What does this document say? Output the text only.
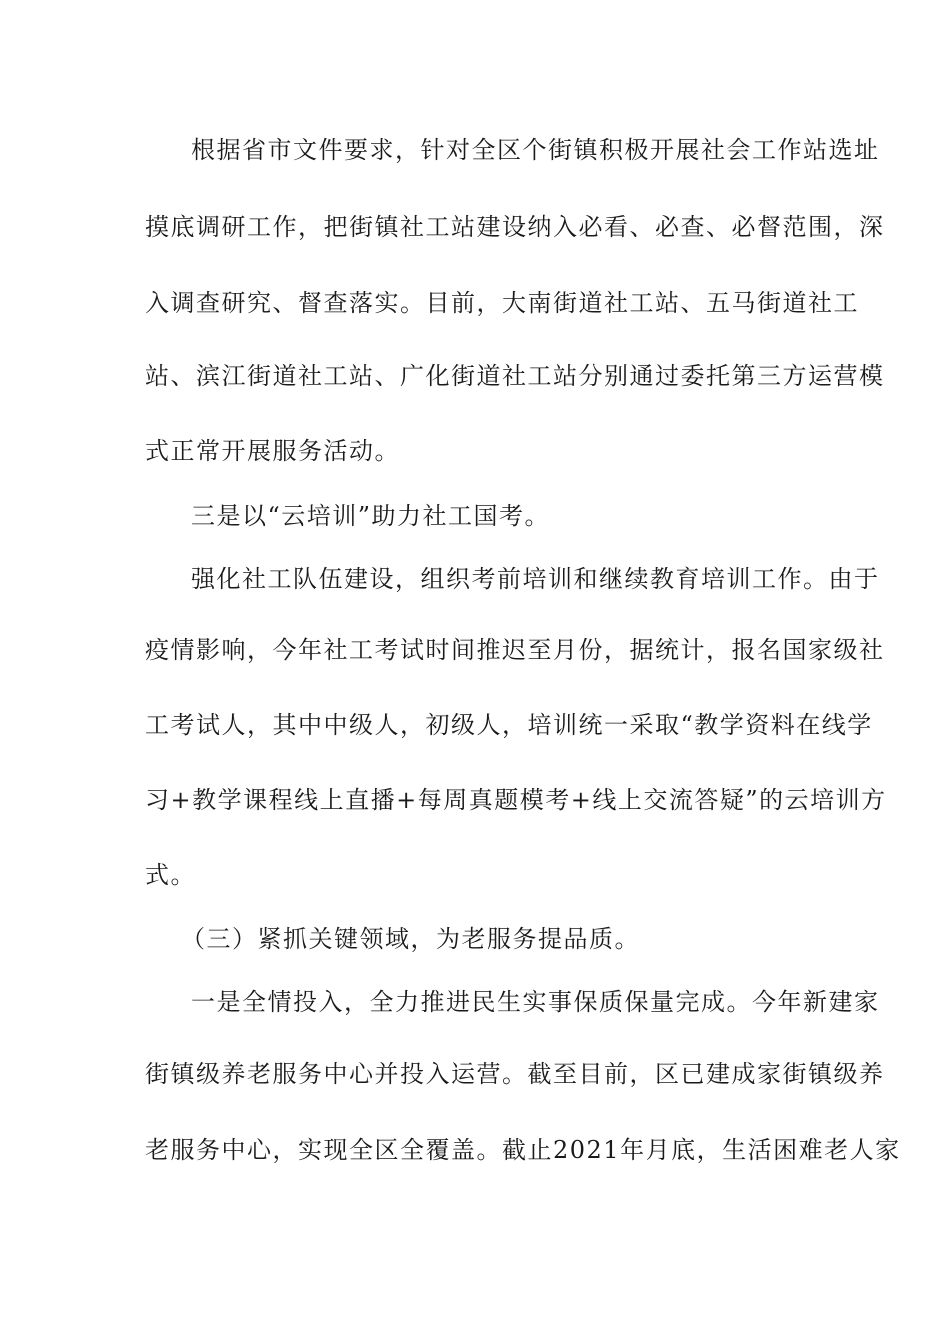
根据省市文件要求，针对全区个街镇积极开展社会工作站选址

摸底调研工作，把街镇社工站建设纳入必看、必查、必督范围，深

入调查研究、督查落实。目前，大南街道社工站、五马街道社工

站、滨江街道社工站、广化街道社工站分别通过委托第三方运营模

式正常开展服务活动。

三是以“云培训”助力社工国考。

强化社工队伍建设，组织考前培训和继续教育培训工作。由于

疫情影响，今年社工考试时间推迟至月份，据统计，报名国家级社

工考试人，其中中级人，初级人，培训统一采取“教学资料在线学

习+教学课程线上直播+每周真题模考+线上交流答疑”的云培训方

式。

（三）紧抓关键领域，为老服务提品质。

一是全情投入，全力推进民生实事保质保量完成。今年新建家

街镇级养老服务中心并投入运营。截至目前，区已建成家街镇级养

老服务中心，实现全区全覆盖。截止2021年月底，生活困难老人家
